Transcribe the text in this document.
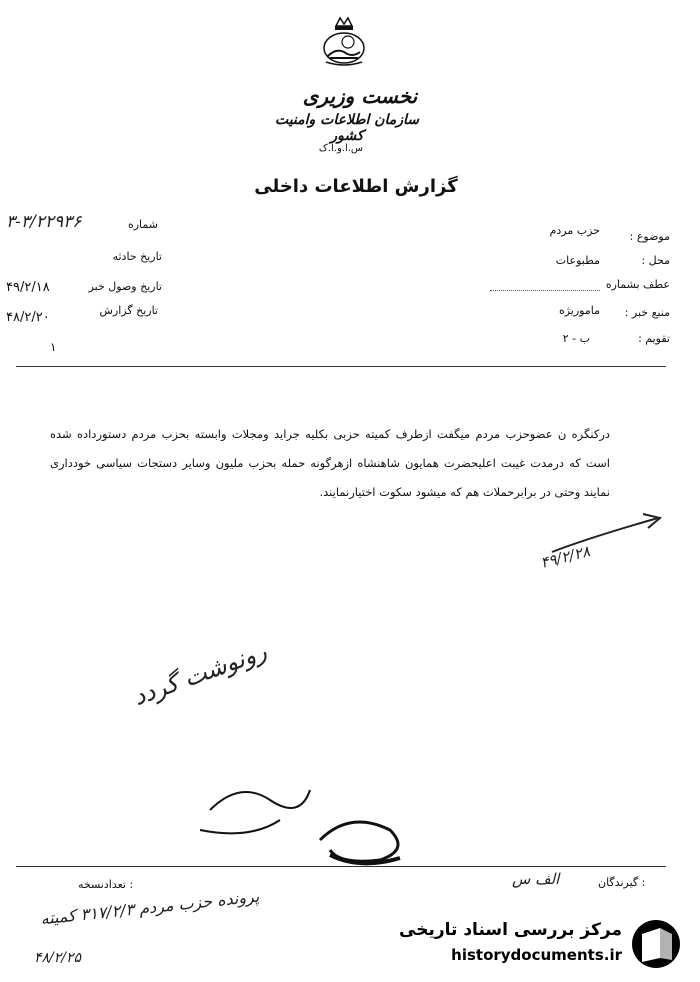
نخست وزیری
سازمان اطلاعات وامنیت کشور
س.ا.و.ا.ک
گزارش اطلاعات داخلی
۳-۳/۲۲۹۳۶	شماره
تاریخ حادثه
تاریخ وصول خبر
۴۹/۲/۱۸
تاریخ گزارش
۴۸/۲/۲۰
۱
موضوع :
حزب مردم
محل :
مطبوعات
عطف بشماره
منبع خبر :
ماموریژه
تقویم :
ب - ۲
درکنگره ن عضوحزب مردم میگفت ازطرف کمیته حزبی بکلیه جراید ومجلات وابسته بحزب مردم دستورداده شده است که درمدت غیبت اعلیحضرت همایون شاهنشاه ازهرگونه حمله بحزب ملیون وسایر دستجات سیاسی خودداری نمایند وحتی در برابرحملات هم که میشود سکوت اختیارنمایند.
۴۹/۲/۲۸
رونوشت گردد
گیرندگان :
الف س
تعدادنسخه :
پرونده حزب مردم ۳۱۷/۲/۳ کمیته
۴۸/۲/۲۵
مرکز بررسی اسناد تاریخی
historydocuments.ir
